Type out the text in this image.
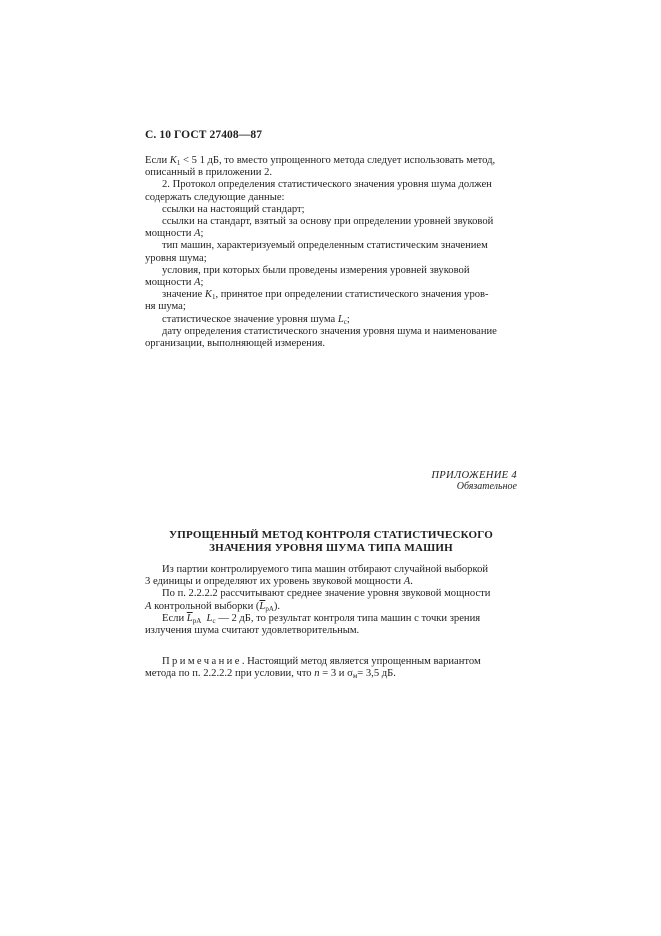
С. 10 ГОСТ 27408—87

Если $K_1 < 5$ 1 дБ, то вместо упрощенного метода следует использовать метод,

описанный в приложении 2.

2. Протокол определения статистического значения уровня шума должен

содержать следующие данные:

ссылки на настоящий стандарт;

ссылки на стандарт, взятый за основу при определении уровней звуковой

мощности A;

тип машин, характеризуемый определенным статистическим значением

уровня шума;

условия, при которых были проведены измерения уровней звуковой

мощности A;

значение $K_1$, принятое при определении статистического значения уров-

ня шума;

статистическое значение уровня шума $L_c$;

дату определения статистического значения уровня шума и наименование

организации, выполняющей измерения.

ПРИЛОЖЕНИЕ 4
Обязательное
УПРОЩЕННЫЙ МЕТОД КОНТРОЛЯ СТАТИСТИЧЕСКОГО
ЗНАЧЕНИЯ УРОВНЯ ШУМА ТИПА МАШИН

Из партии контролируемого типа машин отбирают случайной выборкой

3 единицы и определяют их уровень звуковой мощности A.

По п. 2.2.2.2 рассчитывают среднее значение уровня звуковой мощности

A контрольной выборки $(\overline{L}_{pA})$.

Если $\overline{L}_{pA}$ $L_c$ — 2 дБ, то результат контроля типа машин с точки зрения

излучения шума считают удовлетворительным.

Примечание. Настоящий метод является упрощенным вариантом

метода по п. 2.2.2.2 при условии, что n = 3 и $\sigma_м= 3,5$ дБ.
